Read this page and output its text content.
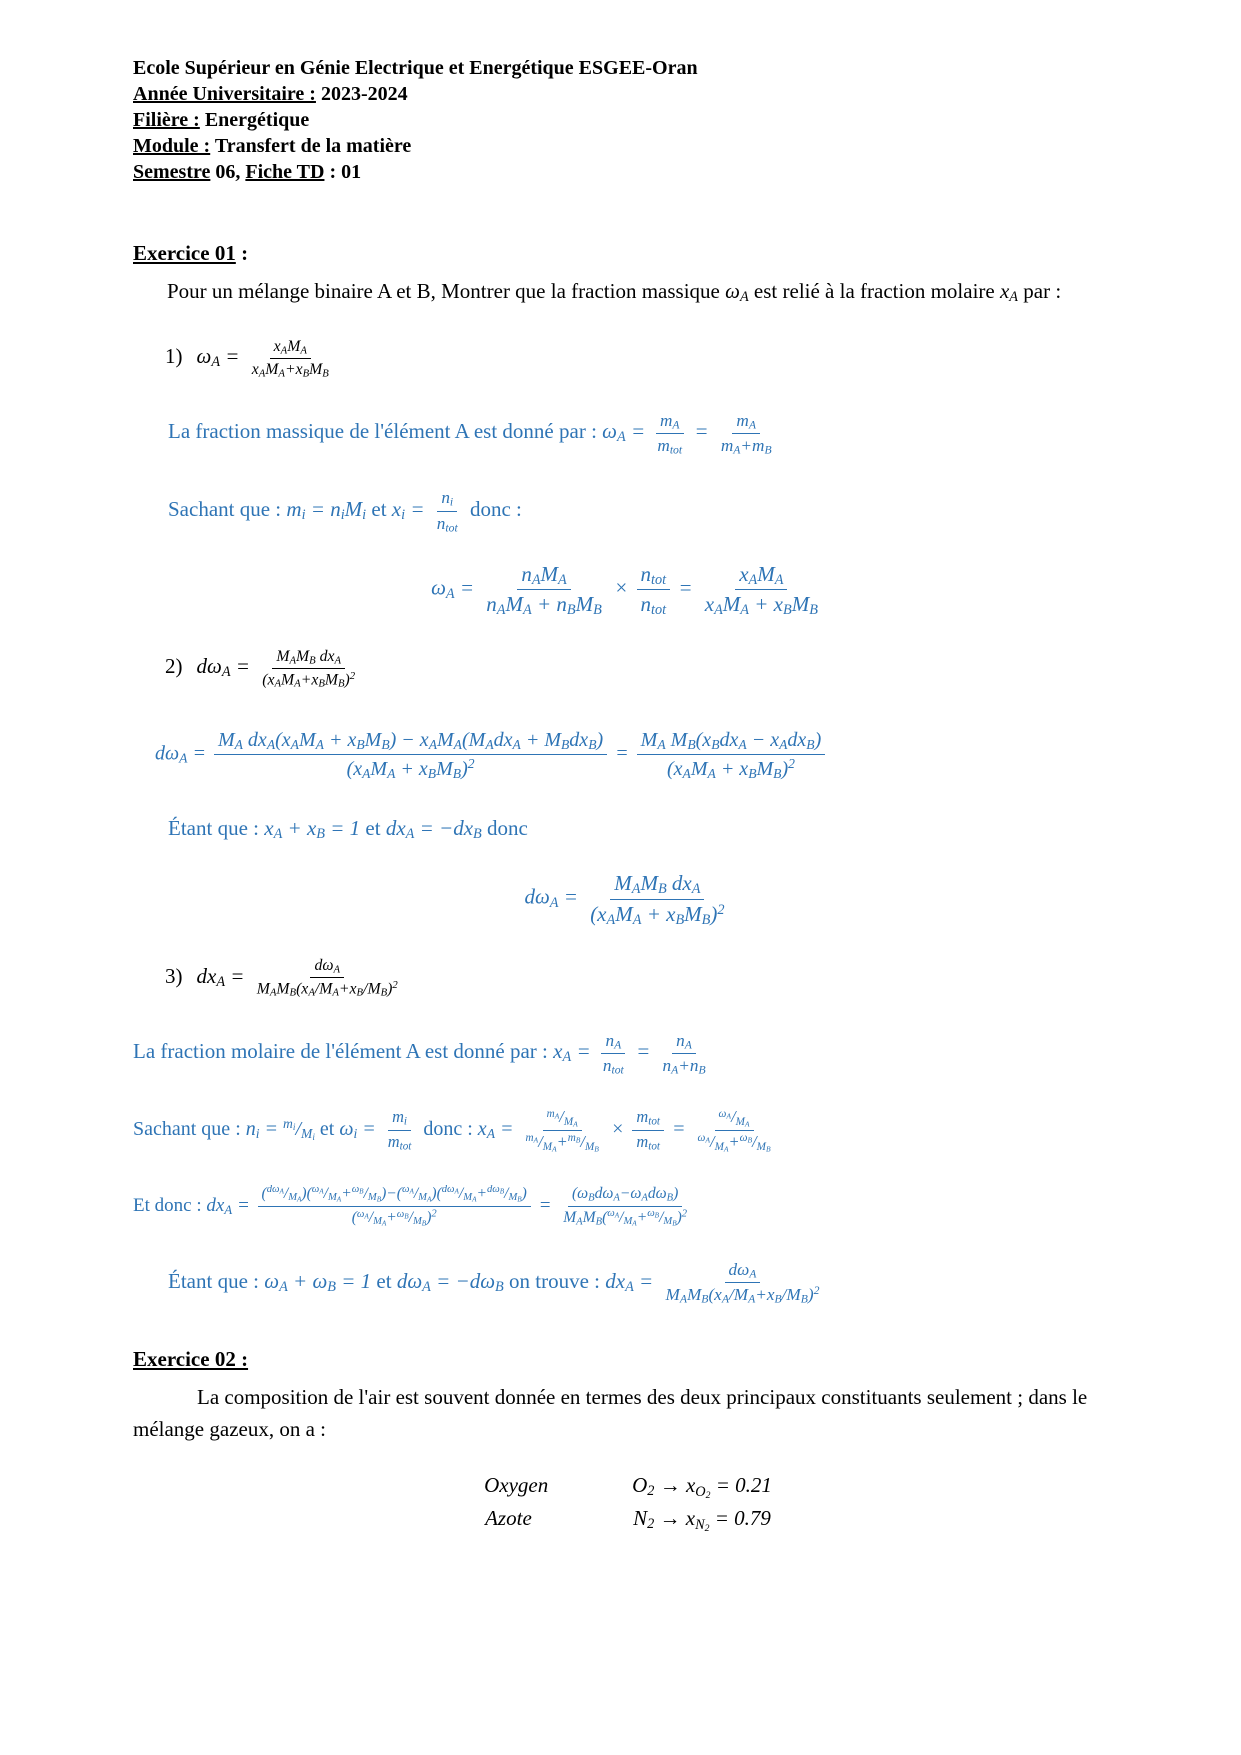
Ecole Supérieur en Génie Electrique et Energétique ESGEE-Oran
Année Universitaire : 2023-2024
Filière : Energétique
Module : Transfert de la matière
Semestre 06, Fiche TD : 01
Exercice 01 :

Pour un mélange binaire A et B, Montrer que la fraction massique $\omega_A$ est relié à la fraction molaire $x_A$ par :

1) $\omega_A = \frac{x_AM_A}{x_AM_A+x_BM_B}$
La fraction massique de l'élément A est donné par : $\omega_A = \frac{m_A}{m_{tot}} = \frac{m_A}{m_A+m_B}$
Sachant que : $m_i = n_iM_i$ et $x_i = \frac{n_i}{n_{tot}}$ donc :
$\omega_A = \frac{n_AM_A}{n_AM_A + n_BM_B} \times \frac{n_{tot}}{n_{tot}} = \frac{x_AM_A}{x_AM_A + x_BM_B}$
2) $d\omega_A = \frac{M_AM_B dx_A}{(x_AM_A+x_BM_B)^2}$
$d\omega_A = \frac{M_A dx_A(x_AM_A + x_BM_B) - x_AM_A(M_Adx_A + M_Bdx_B)}{(x_AM_A + x_BM_B)^2} = \frac{M_A M_B(x_Bdx_A - x_Adx_B)}{(x_AM_A + x_BM_B)^2}$
Étant que : $x_A + x_B = 1$ et $dx_A = -dx_B$ donc
$d\omega_A = \frac{M_AM_B dx_A}{(x_AM_A + x_BM_B)^2}$
3) $dx_A = \frac{d\omega_A}{M_AM_B(x_A/M_A+x_B/M_B)^2}$
La fraction molaire de l'élément A est donné par : $x_A = \frac{n_A}{n_{tot}} = \frac{n_A}{n_A+n_B}$
Sachant que : $n_i = ^{m_i}/_{M_i}$ et $\omega_i = \frac{m_i}{m_{tot}}$ donc : $x_A = \frac{^{m_A}/_{M_A}}{^{m_A}/_{M_A}+^{m_B}/_{M_B}} \times \frac{m_{tot}}{m_{tot}} = \frac{^{\omega_A}/_{M_A}}{^{\omega_A}/_{M_A}+^{\omega_B}/_{M_B}}$
Et donc : $dx_A = \frac{(^{d\omega_A}/_{M_A})(^{\omega_A}/_{M_A}+^{\omega_B}/_{M_B})-(^{\omega_A}/_{M_A})(^{d\omega_A}/_{M_A}+^{d\omega_B}/_{M_B})}{(^{\omega_A}/_{M_A}+^{\omega_B}/_{M_B})^2} = \frac{(\omega_Bd\omega_A-\omega_Ad\omega_B)}{M_AM_B(^{\omega_A}/_{M_A}+^{\omega_B}/_{M_B})^2}$
Étant que : $\omega_A + \omega_B = 1$ et $d\omega_A = -d\omega_B$ on trouve : $dx_A = \frac{d\omega_A}{M_AM_B(x_A/M_A+x_B/M_B)^2}$
Exercice 02 :

La composition de l'air est souvent donnée en termes des deux principaux constituants seulement ; dans le mélange gazeux, on a :

Oxygen	$O_2 \to x_{O_2} = 0.21$
Azote	$N_2 \to x_{N_2} = 0.79$
